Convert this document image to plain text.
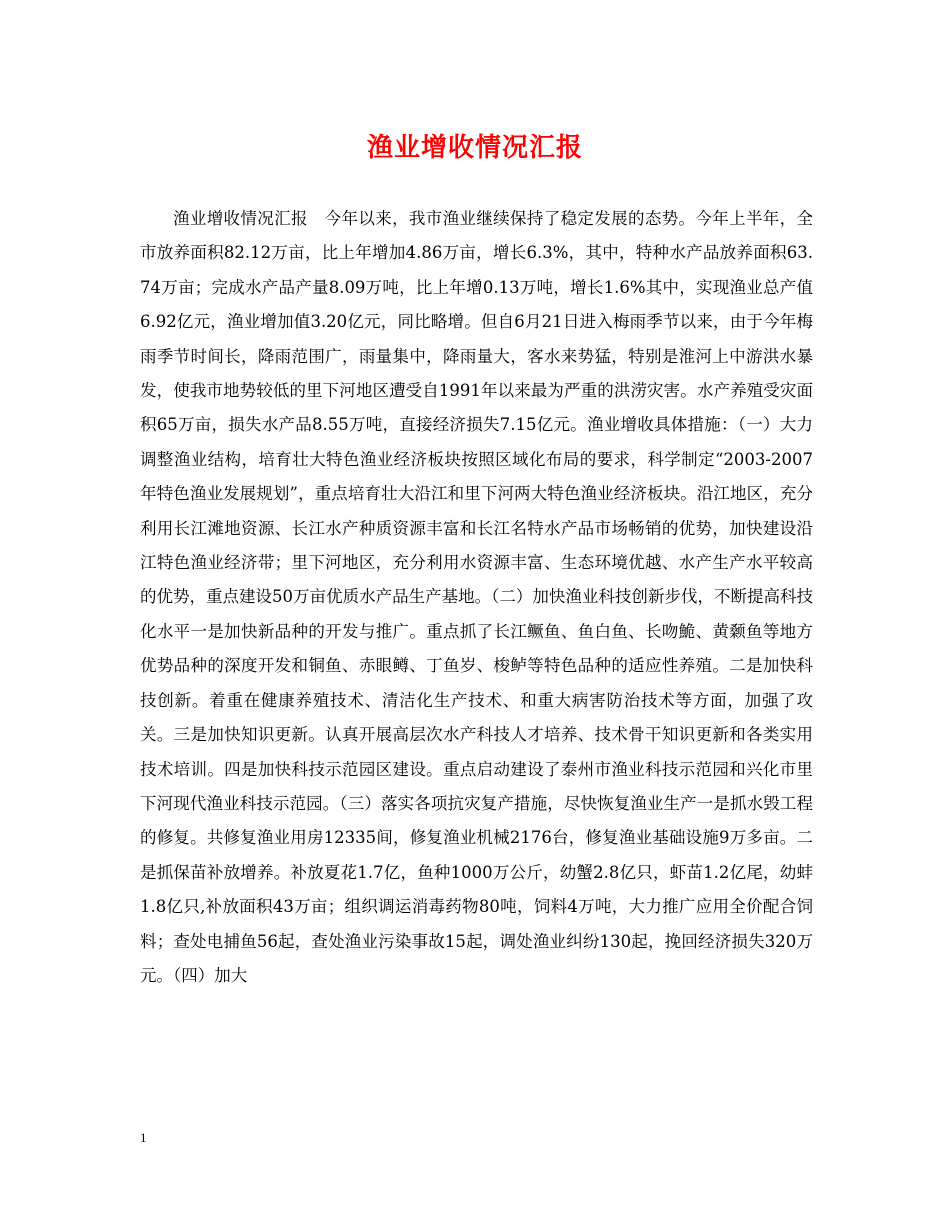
渔业增收情况汇报

渔业增收情况汇报　今年以来，我市渔业继续保持了稳定发展的态势。今年上半年，全市放养面积82.12万亩，比上年增加4.86万亩，增长6.3%，其中，特种水产品放养面积63.74万亩；完成水产品产量8.09万吨，比上年增0.13万吨，增长1.6%其中，实现渔业总产值6.92亿元，渔业增加值3.20亿元，同比略增。但自6月21日进入梅雨季节以来，由于今年梅雨季节时间长，降雨范围广，雨量集中，降雨量大，客水来势猛，特别是淮河上中游洪水暴发，使我市地势较低的里下河地区遭受自1991年以来最为严重的洪涝灾害。水产养殖受灾面积65万亩，损失水产品8.55万吨，直接经济损失7.15亿元。渔业增收具体措施：（一）大力调整渔业结构，培育壮大特色渔业经济板块按照区域化布局的要求，科学制定“2003-2007年特色渔业发展规划”，重点培育壮大沿江和里下河两大特色渔业经济板块。沿江地区，充分利用长江滩地资源、长江水产种质资源丰富和长江名特水产品市场畅销的优势，加快建设沿江特色渔业经济带；里下河地区，充分利用水资源丰富、生态环境优越、水产生产水平较高的优势，重点建设50万亩优质水产品生产基地。（二）加快渔业科技创新步伐，不断提高科技化水平一是加快新品种的开发与推广。重点抓了长江鳜鱼、鱼白鱼、长吻鮠、黄颡鱼等地方优势品种的深度开发和铜鱼、赤眼鳟、丁鱼岁、梭鲈等特色品种的适应性养殖。二是加快科技创新。着重在健康养殖技术、清洁化生产技术、和重大病害防治技术等方面，加强了攻关。三是加快知识更新。认真开展高层次水产科技人才培养、技术骨干知识更新和各类实用技术培训。四是加快科技示范园区建设。重点启动建设了泰州市渔业科技示范园和兴化市里下河现代渔业科技示范园。（三）落实各项抗灾复产措施，尽快恢复渔业生产一是抓水毁工程的修复。共修复渔业用房12335间，修复渔业机械2176台，修复渔业基础设施9万多亩。二是抓保苗补放增养。补放夏花1.7亿，鱼种1000万公斤，幼蟹2.8亿只，虾苗1.2亿尾，幼蚌1.8亿只,补放面积43万亩；组织调运消毒药物80吨，饲料4万吨，大力推广应用全价配合饲料；查处电捕鱼56起，查处渔业污染事故15起，调处渔业纠纷130起，挽回经济损失320万元。（四）加大

1
